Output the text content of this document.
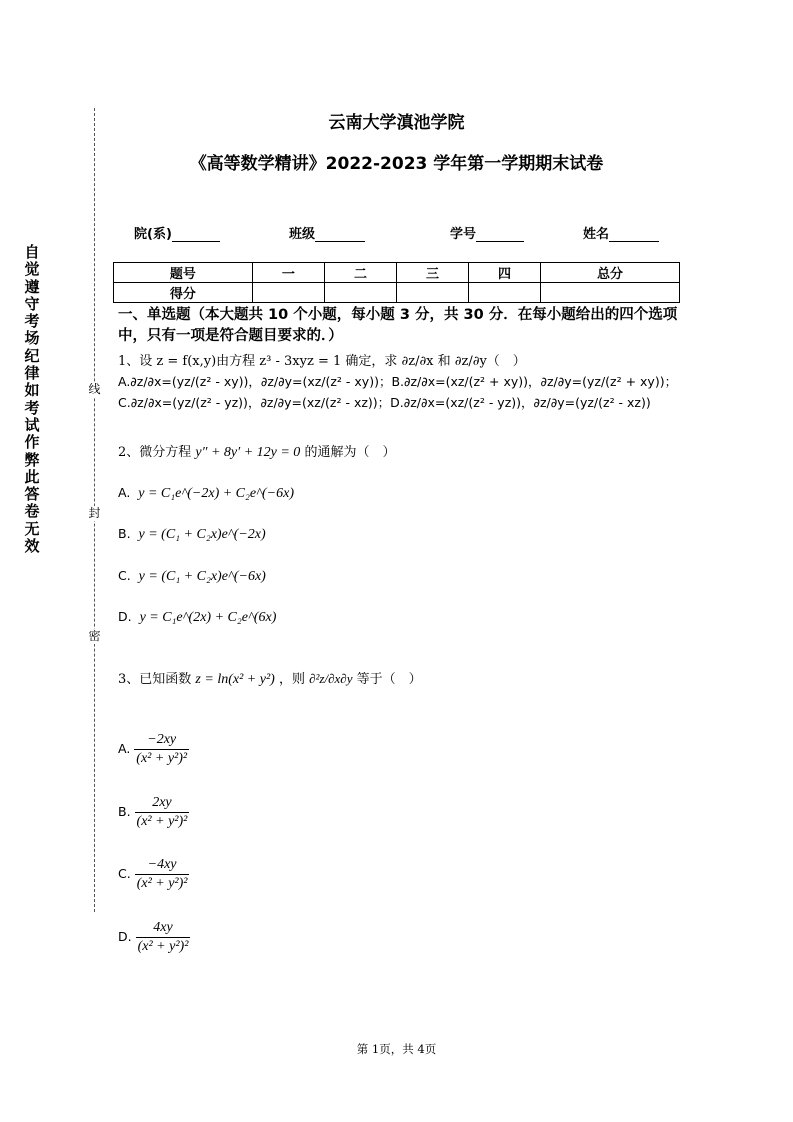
自
觉
遵
守
考
场
纪
律
如
考
试
作
弊
此
答
卷
无
效
线
封
密
云南大学滇池学院
《高等数学精讲》2022-2023 学年第一学期期末试卷
院(系)	班级	学号	姓名
题号	一	二	三	四	总分
得分					
一、单选题（本大题共 10 个小题，每小题 3 分，共 30 分．在每小题给出的四个选项中，只有一项是符合题目要求的．）
1、设 z = f(x,y)由方程 z³ - 3xyz = 1 确定，求 ∂z/∂x 和 ∂z/∂y（　）
A.∂z/∂x=(yz/(z² - xy))，∂z/∂y=(xz/(z² - xy))；B.∂z/∂x=(xz/(z² + xy))，∂z/∂y=(yz/(z² + xy))；
C.∂z/∂x=(yz/(z² - yz))，∂z/∂y=(xz/(z² - xz))；D.∂z/∂x=(xz/(z² - yz))，∂z/∂y=(yz/(z² - xz))
2、微分方程 y″ + 8y′ + 12y = 0 的通解为（　）
A. y = C₁e^(−2x) + C₂e^(−6x)
B. y = (C₁ + C₂x)e^(−2x)
C. y = (C₁ + C₂x)e^(−6x)
D. y = C₁e^(2x) + C₂e^(6x)
3、已知函数 z = ln(x² + y²) ，则 ∂²z/∂x∂y 等于（　）
A. $\frac{-2xy}{\text{(x² + y²)²}}$
B. $\frac{2xy}{\text{(x² + y²)²}}$
C. $\frac{-4xy}{\text{(x² + y²)²}}$
D. $\frac{4xy}{\text{(x² + y²)²}}$
第 1页，共 4页
